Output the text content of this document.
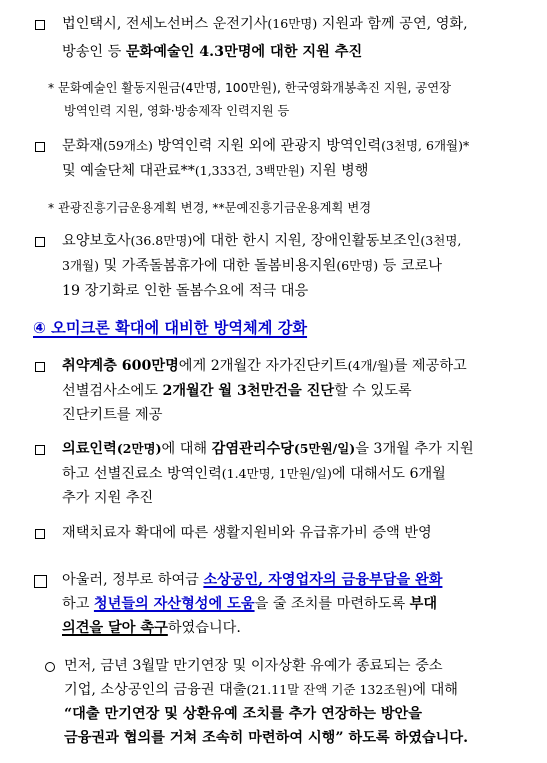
법인택시, 전세노선버스 운전기사(16만명) 지원과 함께 공연, 영화,
방송인 등 문화예술인 4.3만명에 대한 지원 추진
* 문화예술인 활동지원금(4만명, 100만원), 한국영화개봉촉진 지원, 공연장
방역인력 지원, 영화·방송제작 인력지원 등
문화재(59개소) 방역인력 지원 외에 관광지 방역인력(3천명, 6개월)*
및 예술단체 대관료**(1,333건, 3백만원) 지원 병행
* 관광진흥기금운용계획 변경, **문예진흥기금운용계획 변경
요양보호사(36.8만명)에 대한 한시 지원, 장애인활동보조인(3천명,
3개월) 및 가족돌봄휴가에 대한 돌봄비용지원(6만명) 등 코로나
19 장기화로 인한 돌봄수요에 적극 대응
④ 오미크론 확대에 대비한 방역체계 강화
취약계층 600만명에게 2개월간 자가진단키트(4개/월)를 제공하고
선별검사소에도 2개월간 월 3천만건을 진단할 수 있도록
진단키트를 제공
의료인력(2만명)에 대해 감염관리수당(5만원/일)을 3개월 추가 지원
하고 선별진료소 방역인력(1.4만명, 1만원/일)에 대해서도 6개월
추가 지원 추진
재택치료자 확대에 따른 생활지원비와 유급휴가비 증액 반영
아울러, 정부로 하여금 소상공인, 자영업자의 금융부담을 완화
하고 청년들의 자산형성에 도움을 줄 조치를 마련하도록 부대
의견을 달아 촉구하였습니다.
먼저, 금년 3월말 만기연장 및 이자상환 유예가 종료되는 중소
기업, 소상공인의 금융권 대출(21.11말 잔액 기준 132조원)에 대해
“대출 만기연장 및 상환유예 조치를 추가 연장하는 방안을
금융권과 협의를 거쳐 조속히 마련하여 시행” 하도록 하였습니다.
